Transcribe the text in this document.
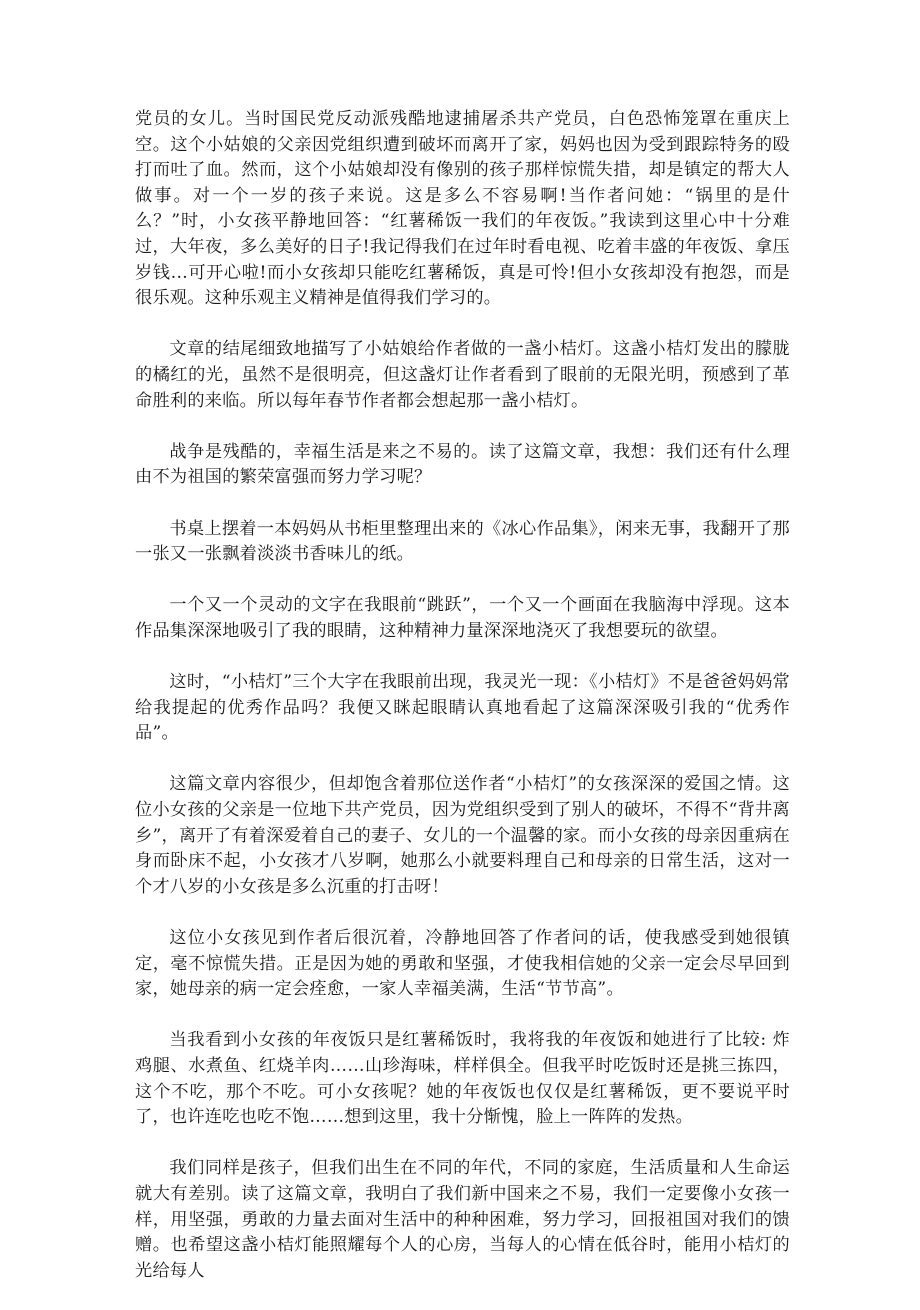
党员的女儿。当时国民党反动派残酷地逮捕屠杀共产党员，白色恐怖笼罩在重庆上空。这个小姑娘的父亲因党组织遭到破坏而离开了家，妈妈也因为受到跟踪特务的殴打而吐了血。然而，这个小姑娘却没有像别的孩子那样惊慌失措，却是镇定的帮大人做事。对一个一岁的孩子来说。这是多么不容易啊!当作者问她：“锅里的是什么？”时，小女孩平静地回答：“红薯稀饭一我们的年夜饭。”我读到这里心中十分难过，大年夜，多么美好的日子!我记得我们在过年时看电视、吃着丰盛的年夜饭、拿压岁钱…可开心啦!而小女孩却只能吃红薯稀饭，真是可怜!但小女孩却没有抱怨，而是很乐观。这种乐观主义精神是值得我们学习的。

文章的结尾细致地描写了小姑娘给作者做的一盏小桔灯。这盏小桔灯发出的朦胧的橘红的光，虽然不是很明亮，但这盏灯让作者看到了眼前的无限光明，预感到了革命胜利的来临。所以每年春节作者都会想起那一盏小桔灯。

战争是残酷的，幸福生活是来之不易的。读了这篇文章，我想：我们还有什么理由不为祖国的繁荣富强而努力学习呢？

书桌上摆着一本妈妈从书柜里整理出来的《冰心作品集》，闲来无事，我翻开了那一张又一张飘着淡淡书香味儿的纸。

一个又一个灵动的文字在我眼前“跳跃”，一个又一个画面在我脑海中浮现。这本作品集深深地吸引了我的眼睛，这种精神力量深深地浇灭了我想要玩的欲望。

这时，“小桔灯”三个大字在我眼前出现，我灵光一现：《小桔灯》不是爸爸妈妈常给我提起的优秀作品吗？我便又眯起眼睛认真地看起了这篇深深吸引我的“优秀作品”。

这篇文章内容很少，但却饱含着那位送作者“小桔灯”的女孩深深的爱国之情。这位小女孩的父亲是一位地下共产党员，因为党组织受到了别人的破坏，不得不“背井离乡”，离开了有着深爱着自己的妻子、女儿的一个温馨的家。而小女孩的母亲因重病在身而卧床不起，小女孩才八岁啊，她那么小就要料理自己和母亲的日常生活，这对一个才八岁的小女孩是多么沉重的打击呀！

这位小女孩见到作者后很沉着，冷静地回答了作者问的话，使我感受到她很镇定，毫不惊慌失措。正是因为她的勇敢和坚强，才使我相信她的父亲一定会尽早回到家，她母亲的病一定会痊愈，一家人幸福美满，生活“节节高”。

当我看到小女孩的年夜饭只是红薯稀饭时，我将我的年夜饭和她进行了比较: 炸鸡腿、水煮鱼、红烧羊肉……山珍海味，样样俱全。但我平时吃饭时还是挑三拣四，这个不吃，那个不吃。可小女孩呢？她的年夜饭也仅仅是红薯稀饭，更不要说平时了，也许连吃也吃不饱……想到这里，我十分惭愧，脸上一阵阵的发热。

我们同样是孩子，但我们出生在不同的年代，不同的家庭，生活质量和人生命运就大有差别。读了这篇文章，我明白了我们新中国来之不易，我们一定要像小女孩一样，用坚强，勇敢的力量去面对生活中的种种困难，努力学习，回报祖国对我们的馈赠。也希望这盏小桔灯能照耀每个人的心房，当每人的心情在低谷时，能用小桔灯的光给每人
